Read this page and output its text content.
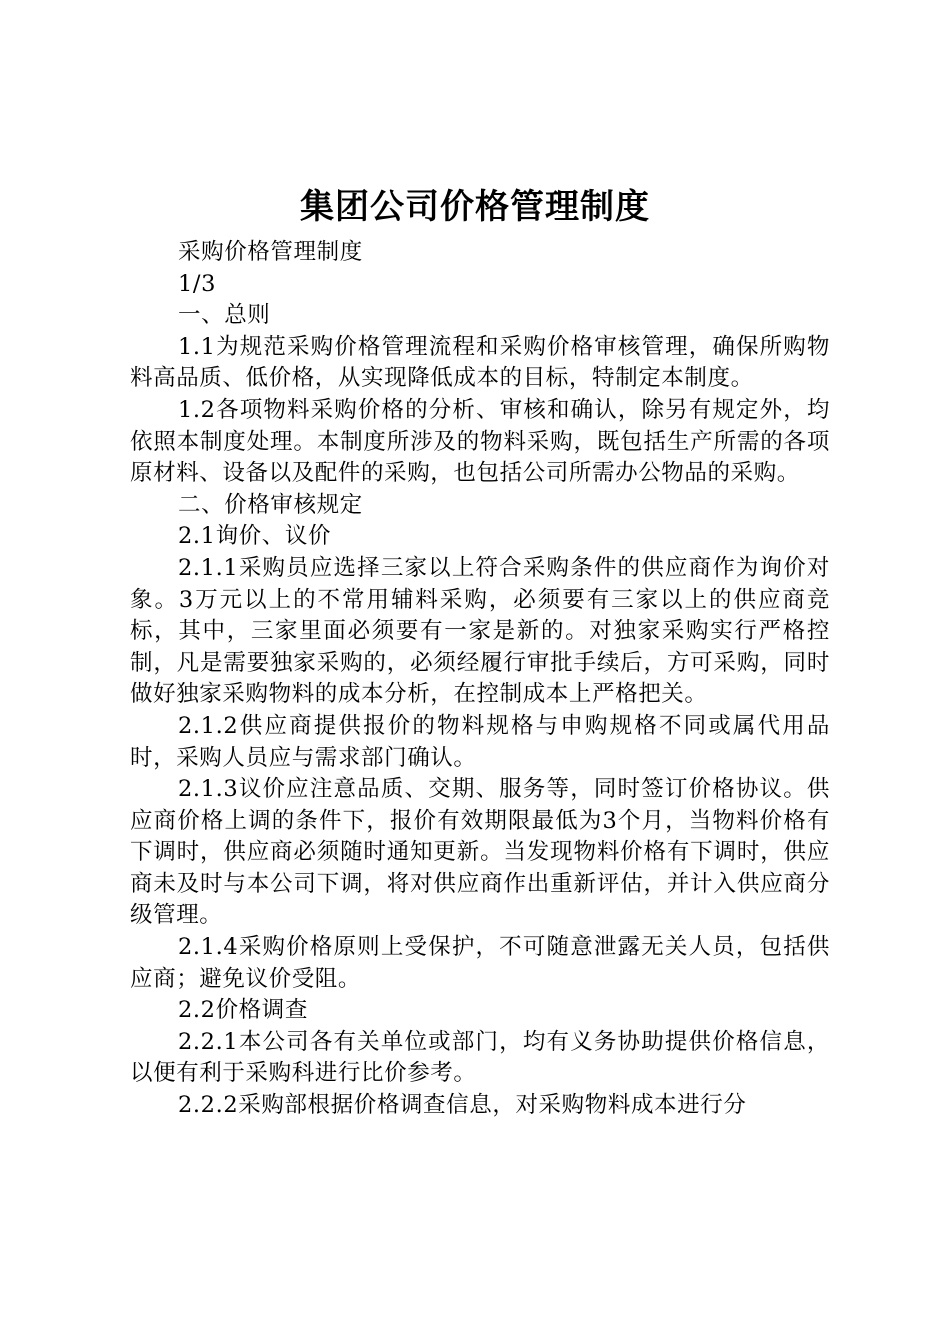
集团公司价格管理制度

采购价格管理制度

1/3

一、总则

1.1为规范采购价格管理流程和采购价格审核管理，确保所购物料高品质、低价格，从实现降低成本的目标，特制定本制度。

1.2各项物料采购价格的分析、审核和确认，除另有规定外，均依照本制度处理。本制度所涉及的物料采购，既包括生产所需的各项原材料、设备以及配件的采购，也包括公司所需办公物品的采购。

二、价格审核规定

2.1询价、议价

2.1.1采购员应选择三家以上符合采购条件的供应商作为询价对象。3万元以上的不常用辅料采购，必须要有三家以上的供应商竞标，其中，三家里面必须要有一家是新的。对独家采购实行严格控制，凡是需要独家采购的，必须经履行审批手续后，方可采购，同时做好独家采购物料的成本分析，在控制成本上严格把关。

2.1.2供应商提供报价的物料规格与申购规格不同或属代用品时，采购人员应与需求部门确认。

2.1.3议价应注意品质、交期、服务等，同时签订价格协议。供应商价格上调的条件下，报价有效期限最低为3个月，当物料价格有下调时，供应商必须随时通知更新。当发现物料价格有下调时，供应商未及时与本公司下调，将对供应商作出重新评估，并计入供应商分级管理。

2.1.4采购价格原则上受保护，不可随意泄露无关人员，包括供应商；避免议价受阻。

2.2价格调查

2.2.1本公司各有关单位或部门，均有义务协助提供价格信息，以便有利于采购科进行比价参考。

2.2.2采购部根据价格调查信息，对采购物料成本进行分
